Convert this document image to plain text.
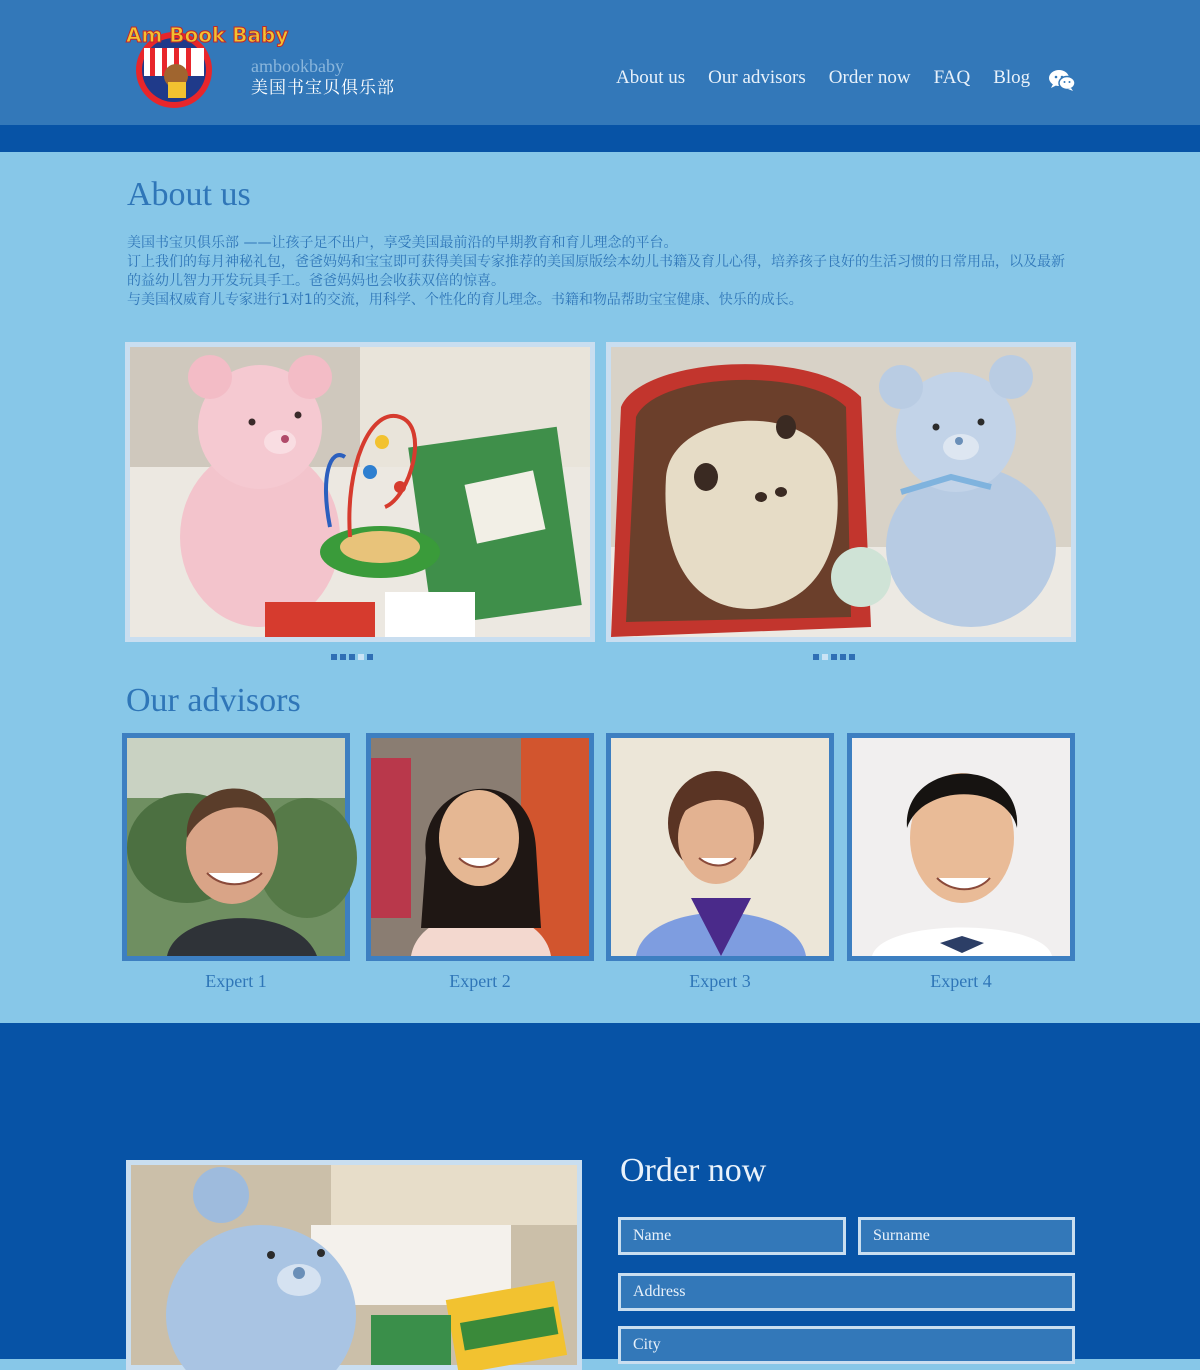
Am Book Baby
ambookbaby
美国书宝贝俱乐部	About us Our advisors Order now FAQ Blog
About us
美国书宝贝俱乐部 ——让孩子足不出户，享受美国最前沿的早期教育和育儿理念的平台。
订上我们的每月神秘礼包，爸爸妈妈和宝宝即可获得美国专家推荐的美国原版绘本幼儿书籍及育儿心得，培养孩子良好的生活习惯的日常用品，以及最新的益幼儿智力开发玩具手工。爸爸妈妈也会收获双倍的惊喜。
与美国权威育儿专家进行1对1的交流，用科学、个性化的育儿理念。书籍和物品帮助宝宝健康、快乐的成长。
Our advisors
Expert 1	Expert 2	Expert 3	Expert 4
Order now
Name
Surname
Address
City
